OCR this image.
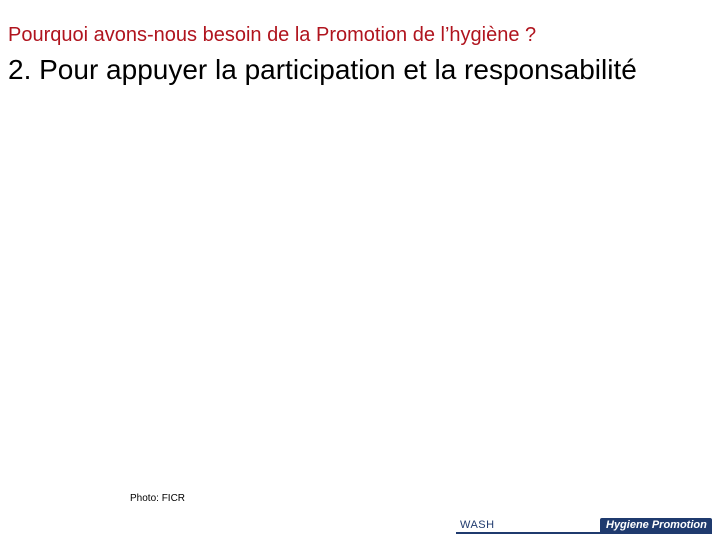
Pourquoi avons-nous besoin de la Promotion de l’hygiène ?
2. Pour appuyer la participation et la responsabilité
Photo: FICR
WASH	Hygiene Promotion
